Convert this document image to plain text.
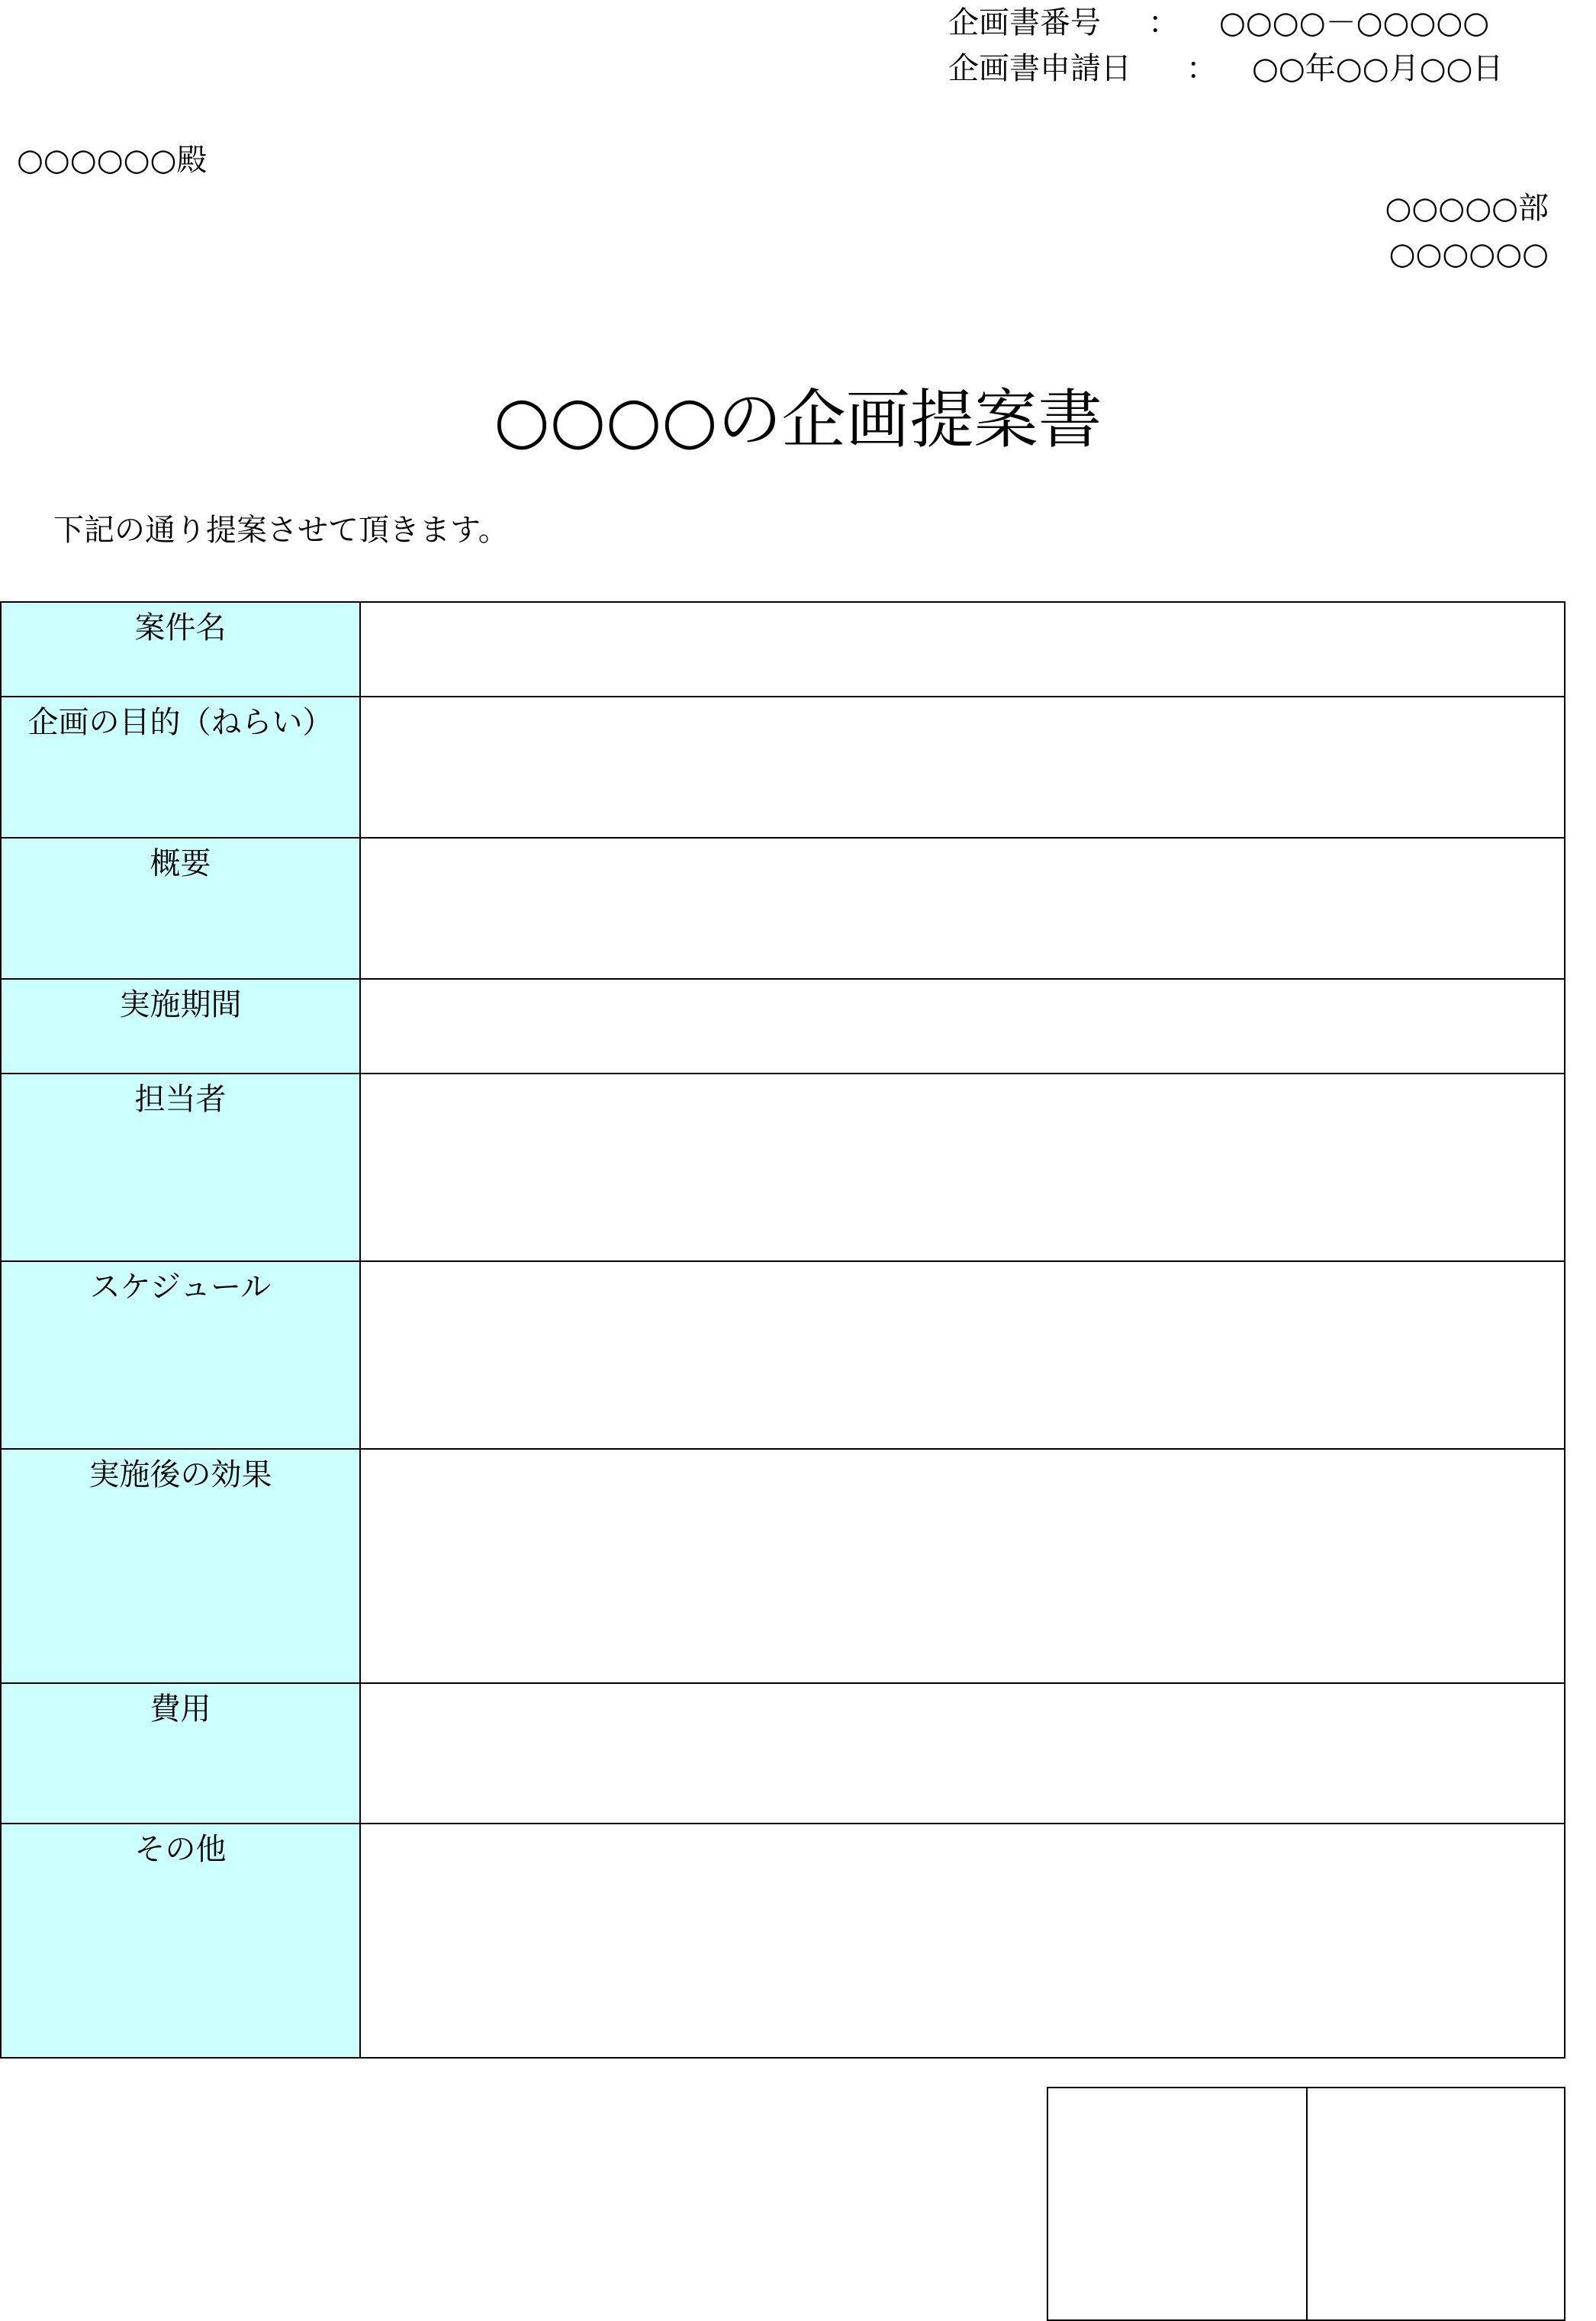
企画書番号 ： ○○○○－○○○○○
企画書申請日 ： ○○年○○月○○日
○○○○○○殿
○○○○○部
○○○○○○
○○○○の企画提案書
下記の通り提案させて頂きます。
案件名	
企画の目的（ねらい）	
概要	
実施期間	
担当者	
スケジュール	
実施後の効果	
費用	
その他	
